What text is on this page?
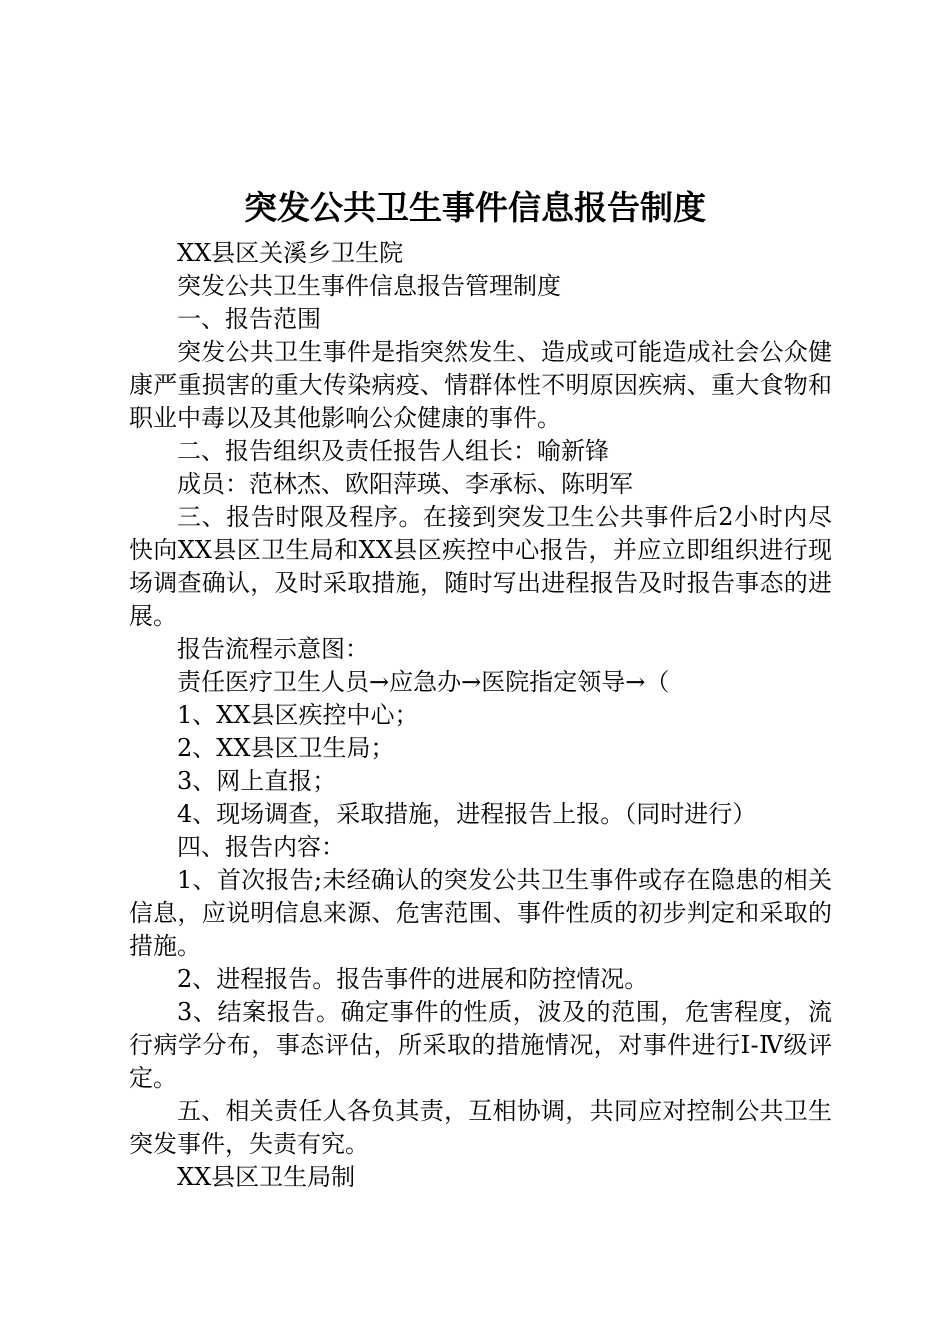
突发公共卫生事件信息报告制度

XX县区关溪乡卫生院

突发公共卫生事件信息报告管理制度

一、报告范围

突发公共卫生事件是指突然发生、造成或可能造成社会公众健康严重损害的重大传染病疫、情群体性不明原因疾病、重大食物和职业中毒以及其他影响公众健康的事件。

二、报告组织及责任报告人组长：喻新锋

成员：范林杰、欧阳萍瑛、李承标、陈明军

三、报告时限及程序。在接到突发卫生公共事件后2小时内尽快向XX县区卫生局和XX县区疾控中心报告，并应立即组织进行现场调查确认，及时采取措施，随时写出进程报告及时报告事态的进展。

报告流程示意图：

责任医疗卫生人员→应急办→医院指定领导→（

1、XX县区疾控中心；

2、XX县区卫生局；

3、网上直报；

4、现场调查，采取措施，进程报告上报。（同时进行）

四、报告内容：

1、首次报告;未经确认的突发公共卫生事件或存在隐患的相关信息，应说明信息来源、危害范围、事件性质的初步判定和采取的措施。

2、进程报告。报告事件的进展和防控情况。

3、结案报告。确定事件的性质，波及的范围，危害程度，流行病学分布，事态评估，所采取的措施情况，对事件进行Ⅰ-Ⅳ级评定。

五、相关责任人各负其责，互相协调，共同应对控制公共卫生突发事件，失责有究。

XX县区卫生局制
